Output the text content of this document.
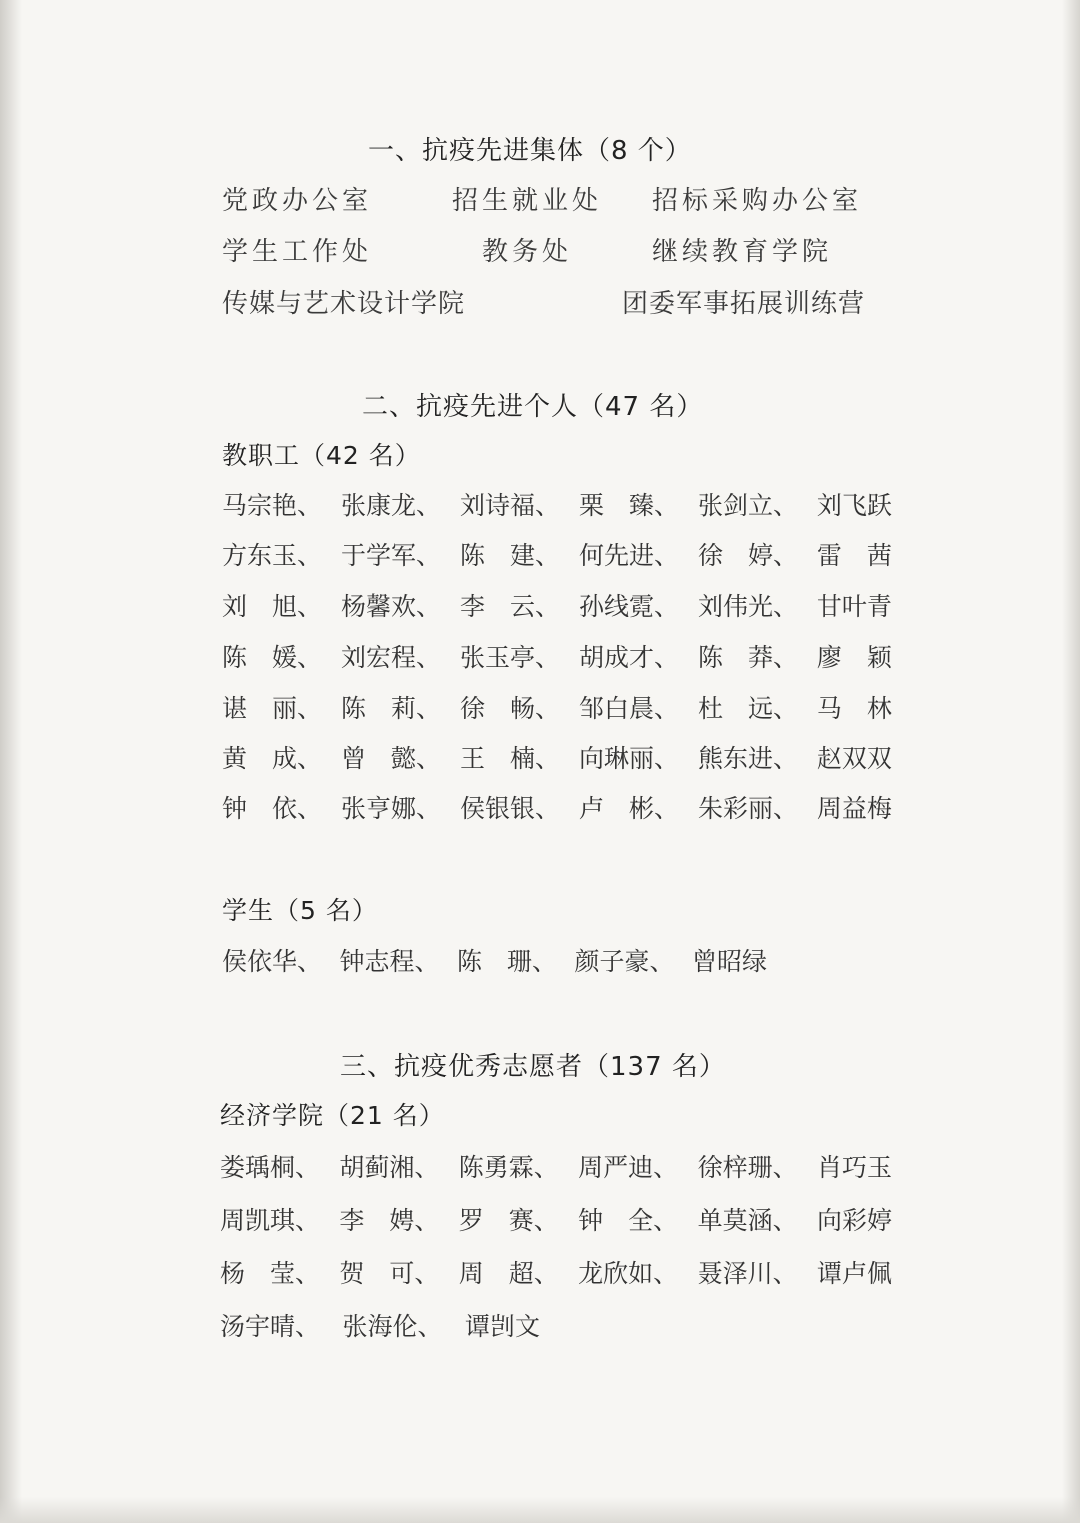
一、抗疫先进集体（8 个）
党政办公室	招生就业处 招标采购办公室
学生工作处	教务处	继续教育学院
传媒与艺术设计学院	团委军事拓展训练营
二、抗疫先进个人（47 名）
教职工（42 名）
马宗艳、 张康龙、 刘诗福、 栗　臻、 张剑立、 刘飞跃
方东玉、 于学军、 陈　建、 何先进、 徐　婷、 雷　茜
刘　旭、 杨馨欢、 李　云、 孙线霓、 刘伟光、 甘叶青
陈　媛、 刘宏程、 张玉亭、 胡成才、 陈　莽、 廖　颖
谌　丽、 陈　莉、 徐　畅、 邹白晨、 杜　远、 马　林
黄　成、 曾　懿、 王　楠、 向琳丽、 熊东进、 赵双双
钟　依、 张亨娜、 侯银银、 卢　彬、 朱彩丽、 周益梅
学生（5 名）
侯依华、 钟志程、 陈　珊、 颜子豪、 曾昭绿
三、抗疫优秀志愿者（137 名）
经济学院（21 名）
娄瑀桐、 胡蓟湘、 陈勇霖、 周严迪、 徐梓珊、 肖巧玉
周凯琪、 李　娉、 罗　赛、 钟　全、 单莫涵、 向彩婷
杨　莹、 贺　可、 周　超、 龙欣如、 聂泽川、 谭卢佩
汤宇晴、 张海伦、 谭剀文
